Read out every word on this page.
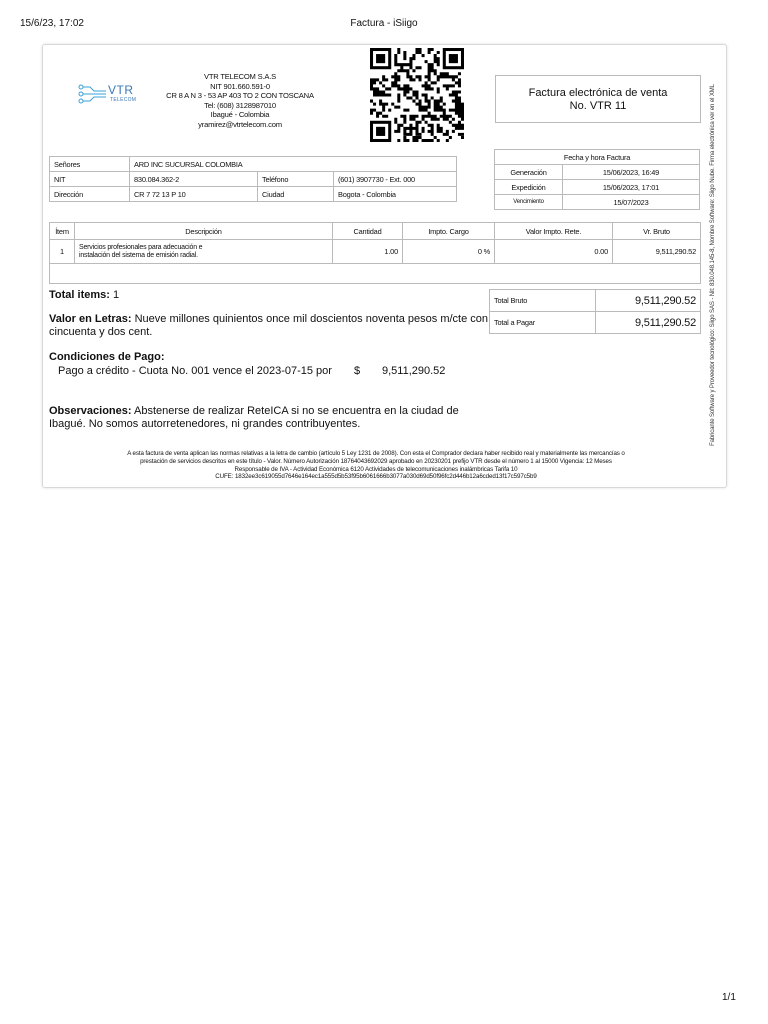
15/6/23, 17:02	Factura - iSiigo
1/1
VTR
TELECOM
VTR TELECOM S.A.S
NIT 901.660.591-0
CR 8 A N 3 - 53 AP 403 TO 2 CON TOSCANA
Tel: (608) 3128987010
Ibagué - Colombia
yramirez@vtrtelecom.com
Factura electrónica de venta
No. VTR 11
Señores	ARD INC SUCURSAL COLOMBIA		
NIT	830.084.362-2	Teléfono	(601) 3907730 - Ext. 000
Dirección	CR 7 72 13 P 10	Ciudad	Bogota - Colombia
Fecha y hora Factura	
Generación	15/06/2023, 16:49
Expedición	15/06/2023, 17:01
Vencimiento	15/07/2023
Ítem	Descripción	Cantidad	Impto. Cargo	Valor Impto. Rete.	Vr. Bruto
1	Servicios profesionales para adecuación e
instalación del sistema de emisión radial.	1.00	0 %	0.00	9,511,290.52

Total items: 1	Total Bruto	9,511,290.52
Total a Pagar	9,511,290.52
Valor en Letras: Nueve millones quinientos once mil doscientos noventa pesos m/cte con
cincuenta y dos cent.
Condiciones de Pago:
Pago a crédito - Cuota No. 001 vence el 2023-07-15 por $ 9,511,290.52
Observaciones: Abstenerse de realizar ReteICA si no se encuentra en la ciudad de
Ibagué. No somos autorretenedores, ni grandes contribuyentes.
A esta factura de venta aplican las normas relativas a la letra de cambio (artículo 5 Ley 1231 de 2008). Con esta el Comprador declara haber recibido real y materialmente las mercancías o
prestación de servicios descritos en este título - Valor. Número Autorización 18764043692029 aprobado en 20230201 prefijo VTR desde el número 1 al 15000 Vigencia: 12 Meses
Responsable de IVA - Actividad Económica 6120 Actividades de telecomunicaciones inalámbricas Tarifa 10
CUFE: 1832ee3c619055d7646e164ec1a555d5b53f95b6061666b3077a030d69d50f96fc2d446b12a6cded13f17c597c5b9
Fabricante Software y Proveedor tecnológico: Siigo SAS - Nit: 830.048.145-8, Nombre Software: Siigo Nube. Firma electrónica ver en el XML
